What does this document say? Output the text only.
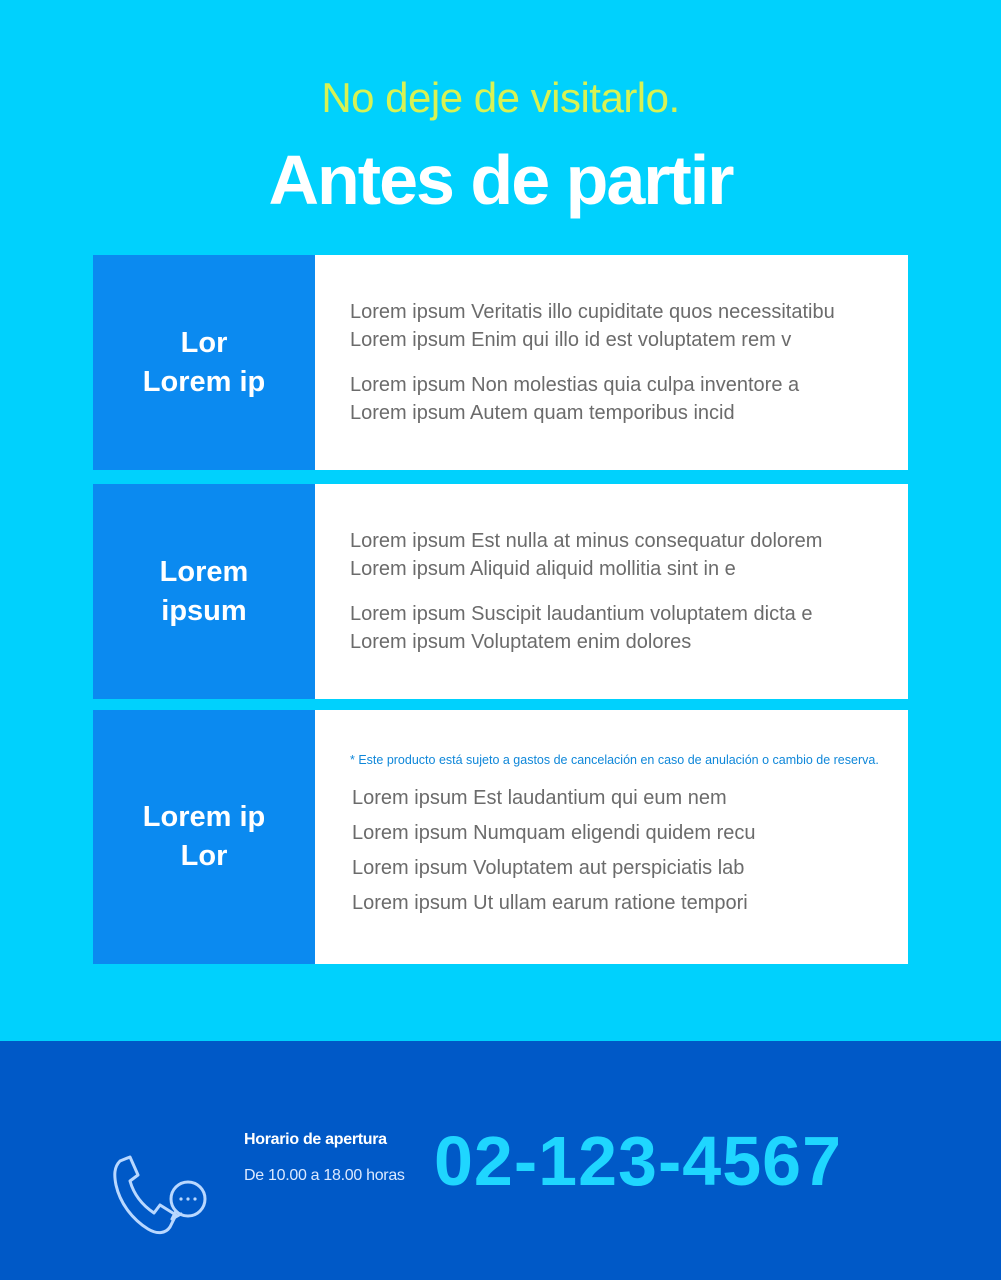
No deje de visitarlo.
Antes de partir
Lor
Lorem ip
Lorem ipsum Veritatis illo cupiditate quos necessitatibu
Lorem ipsum Enim qui illo id est voluptatem rem v
Lorem ipsum Non molestias quia culpa inventore a
Lorem ipsum Autem quam temporibus incid
Lorem
ipsum
Lorem ipsum Est nulla at minus consequatur dolorem
Lorem ipsum Aliquid aliquid mollitia sint in e
Lorem ipsum Suscipit laudantium voluptatem dicta e
Lorem ipsum Voluptatem enim dolores
Lorem ip
Lor
* Este producto está sujeto a gastos de cancelación en caso de anulación o cambio de reserva.
Lorem ipsum Est laudantium qui eum nem
Lorem ipsum Numquam eligendi quidem recu
Lorem ipsum Voluptatem aut perspiciatis lab
Lorem ipsum Ut ullam earum ratione tempori
Horario de apertura
De 10.00 a 18.00 horas 02-123-4567
